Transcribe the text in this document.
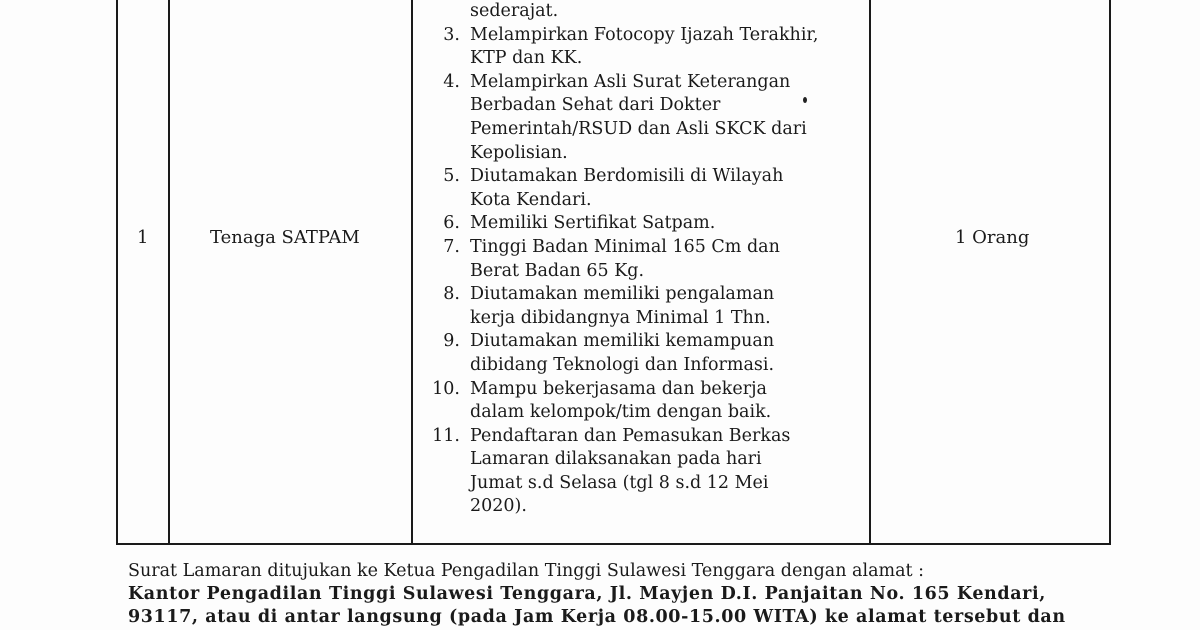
1	Tenaga SATPAM	1 Orang
sederajat.
3. Melampirkan Fotocopy Ijazah Terakhir,
KTP dan KK.
4. Melampirkan Asli Surat Keterangan
Berbadan Sehat dari Dokter
Pemerintah/RSUD dan Asli SKCK dari
Kepolisian.
5. Diutamakan Berdomisili di Wilayah
Kota Kendari.
6. Memiliki Sertifikat Satpam.
7. Tinggi Badan Minimal 165 Cm dan
Berat Badan 65 Kg.
8. Diutamakan memiliki pengalaman
kerja dibidangnya Minimal 1 Thn.
9. Diutamakan memiliki kemampuan
dibidang Teknologi dan Informasi.
10. Mampu bekerjasama dan bekerja
dalam kelompok/tim dengan baik.
11. Pendaftaran dan Pemasukan Berkas
Lamaran dilaksanakan pada hari
Jumat s.d Selasa (tgl 8 s.d 12 Mei
2020).
Surat Lamaran ditujukan ke Ketua Pengadilan Tinggi Sulawesi Tenggara dengan alamat :
Kantor Pengadilan Tinggi Sulawesi Tenggara, Jl. Mayjen D.I. Panjaitan No. 165 Kendari,
93117, atau di antar langsung (pada Jam Kerja 08.00-15.00 WITA) ke alamat tersebut dan
